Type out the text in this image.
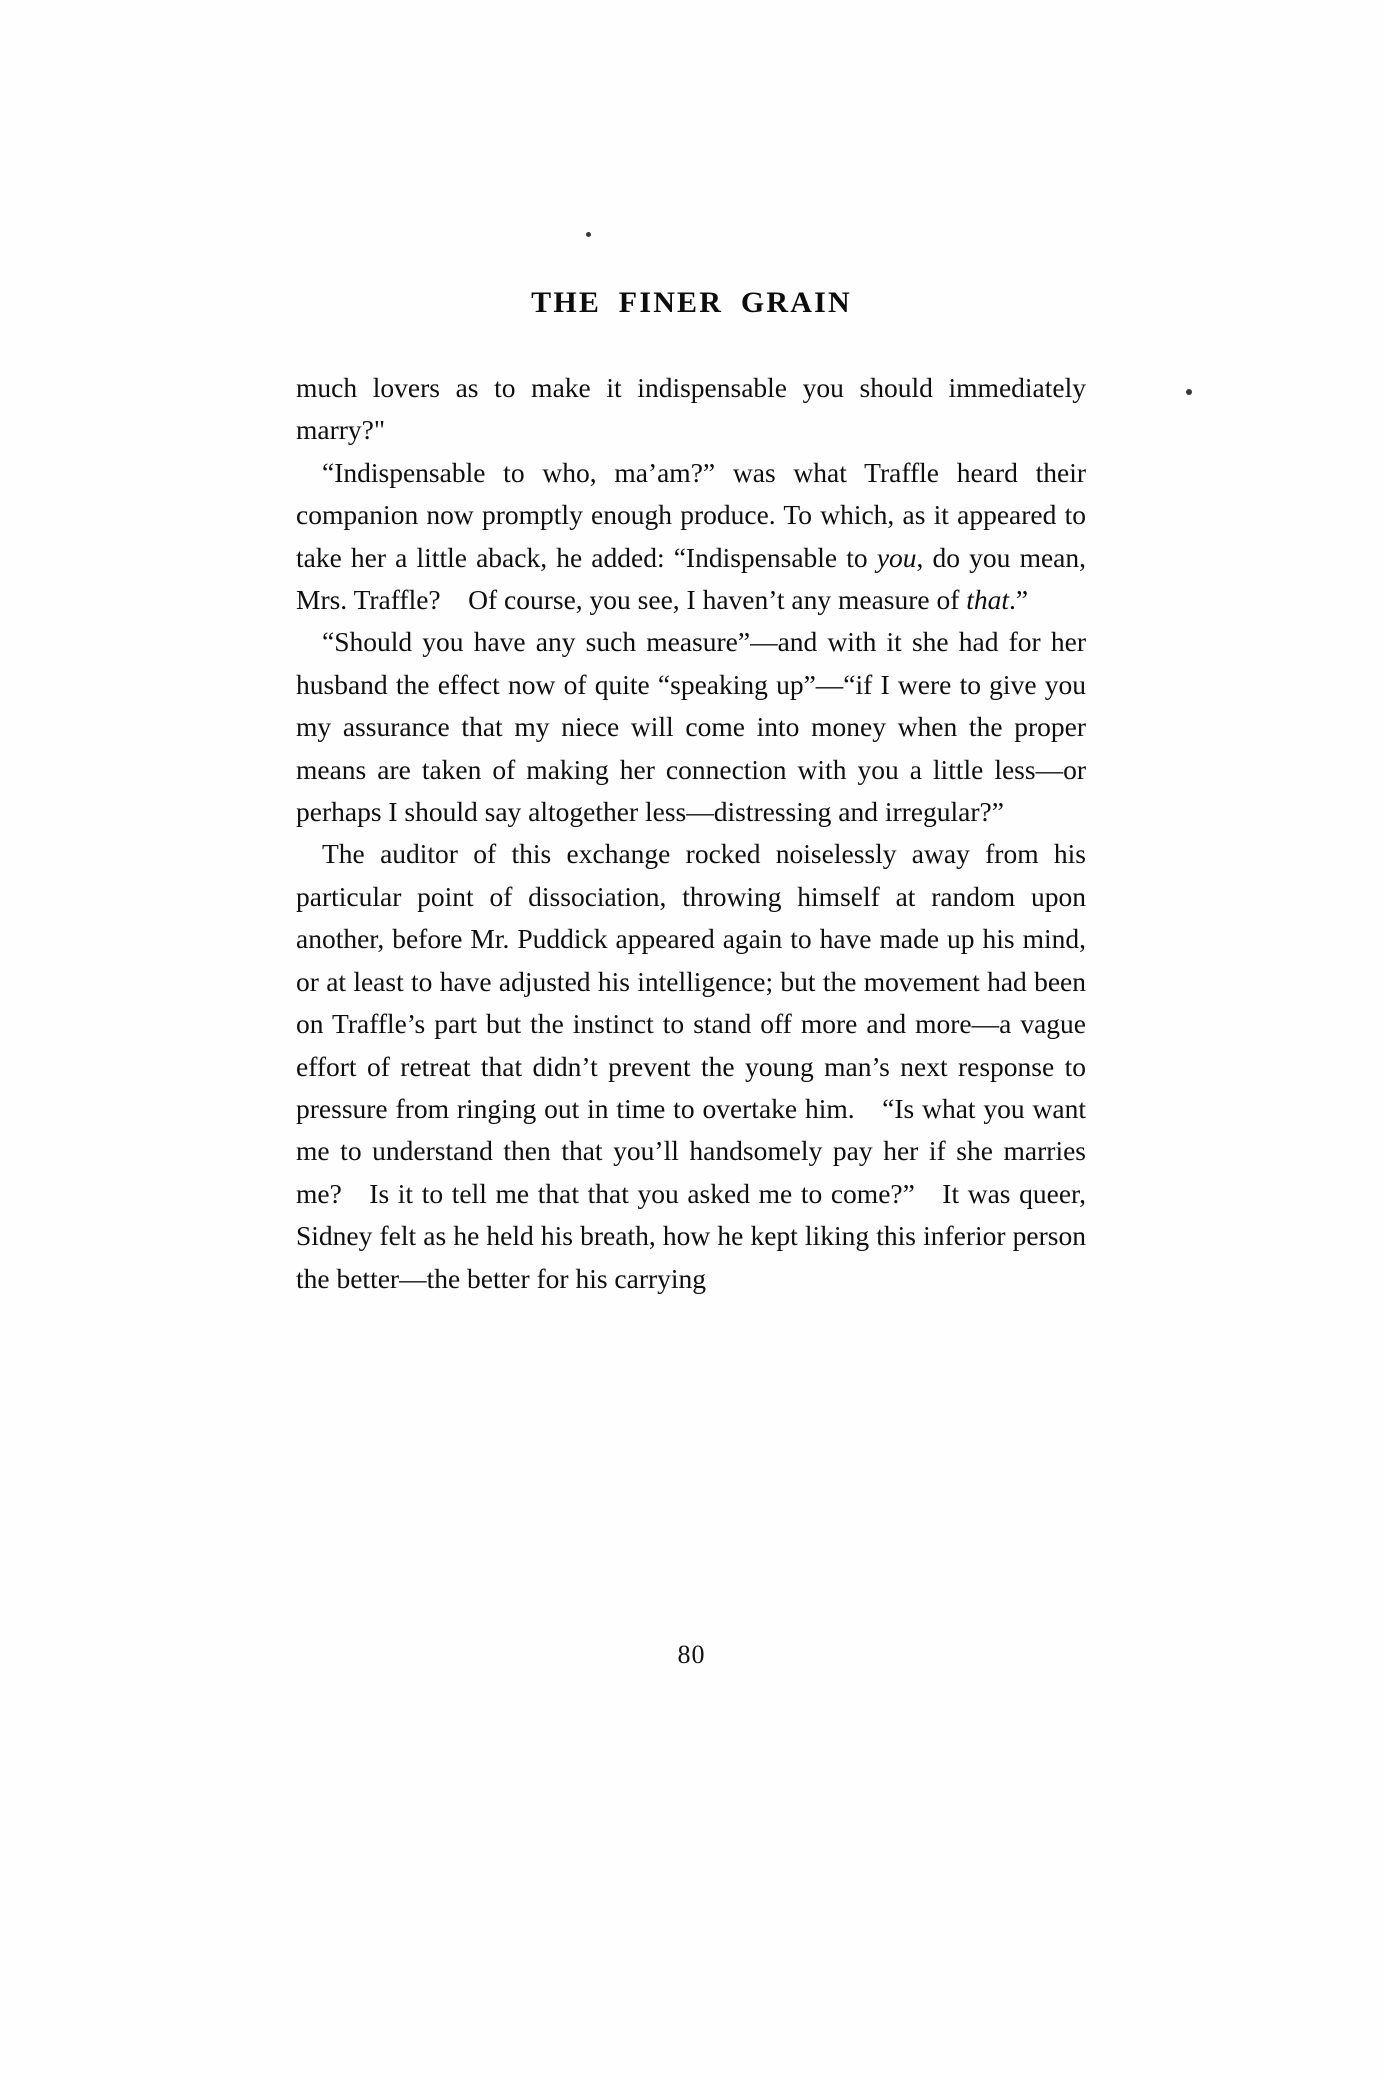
THE FINER GRAIN

much lovers as to make it indispensable you should immediately marry?"

“Indispensable to who, ma’am?” was what Traffle heard their companion now promptly enough produce. To which, as it appeared to take her a little aback, he added: “Indispensable to you, do you mean, Mrs. Traffle? Of course, you see, I haven’t any measure of that.”

“Should you have any such measure”—and with it she had for her husband the effect now of quite “speaking up”—“if I were to give you my assurance that my niece will come into money when the proper means are taken of making her connection with you a little less—or perhaps I should say altogether less—distressing and irregular?”

The auditor of this exchange rocked noiselessly away from his particular point of dissociation, throwing himself at random upon another, before Mr. Puddick appeared again to have made up his mind, or at least to have adjusted his intelligence; but the movement had been on Traffle’s part but the instinct to stand off more and more—a vague effort of retreat that didn’t prevent the young man’s next response to pressure from ringing out in time to overtake him. “Is what you want me to understand then that you’ll handsomely pay her if she marries me? Is it to tell me that that you asked me to come?” It was queer, Sidney felt as he held his breath, how he kept liking this inferior person the better—the better for his carrying

80
